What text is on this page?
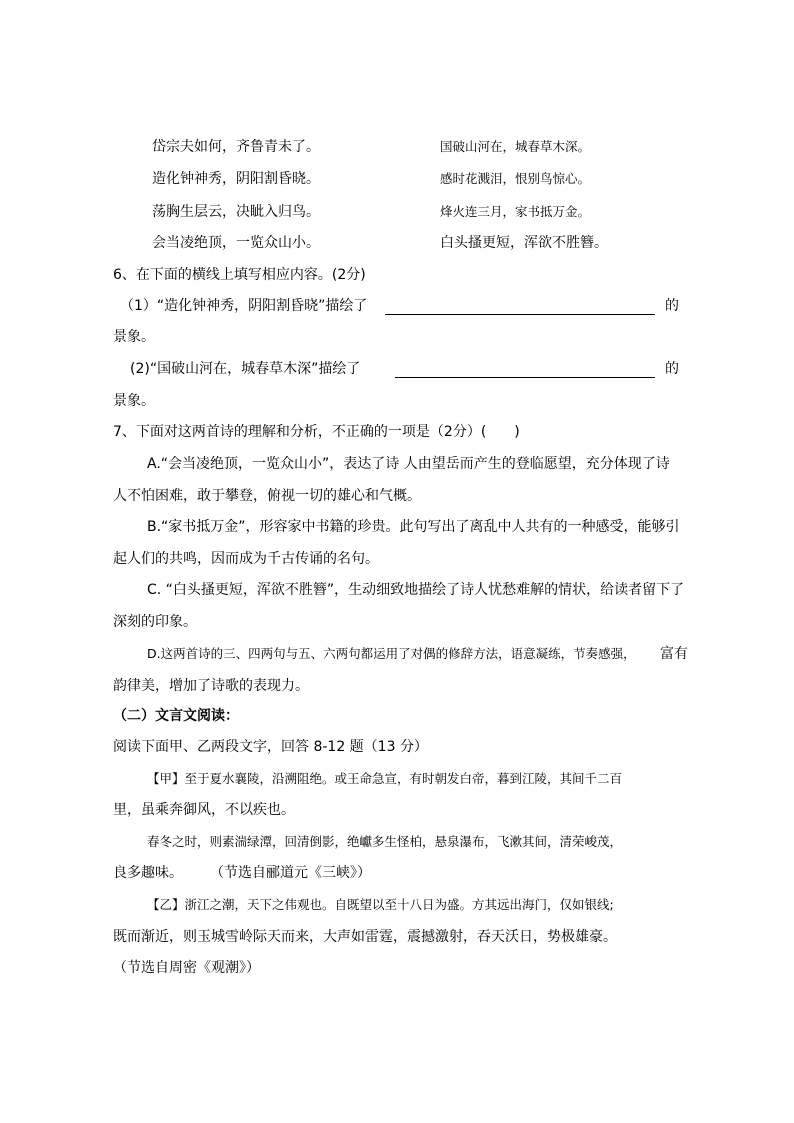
岱宗夫如何，齐鲁青未了。
造化钟神秀，阴阳割昏晓。
荡胸生层云，决眦入归鸟。
会当凌绝顶，一览众山小。
国破山河在，城春草木深。
感时花溅泪，恨别鸟惊心。
烽火连三月，家书抵万金。
白头搔更短，浑欲不胜簪。
6、在下面的横线上填写相应内容。(2分)
（1）“造化钟神秀，阴阳割昏晓”描绘了	的
景象。
(2)“国破山河在，城春草木深”描绘了	的
景象。
7、下面对这两首诗的理解和分析，不正确的一项是（2分）(　　)
A.“会当凌绝顶，一览众山小”，表达了诗 人由望岳而产生的登临愿望，充分体现了诗
人不怕困难，敢于攀登，俯视一切的雄心和气概。
B.“家书抵万金”，形容家中书籍的珍贵。此句写出了离乱中人共有的一种感受，能够引
起人们的共鸣，因而成为千古传诵的名句。
C. “白头搔更短，浑欲不胜簪”，生动细致地描绘了诗人忧愁难解的情状，给读者留下了
深刻的印象。
D.这两首诗的三、四两句与五、六两句都运用了对偶的修辞方法，语意凝练，节奏感强， 富有
韵律美，增加了诗歌的表现力。
（二）文言文阅读：
阅读下面甲、乙两段文字，回答 8-12 题（13 分）
【甲】至于夏水襄陵，沿溯阻绝。或王命急宣，有时朝发白帝，暮到江陵，其间千二百
里，虽乘奔御风，不以疾也。
春冬之时，则素湍绿潭，回清倒影，绝巘多生怪柏，悬泉瀑布，飞漱其间，清荣峻茂，
良多趣味。 （节选自郦道元《三峡》）
【乙】浙江之潮，天下之伟观也。自既望以至十八日为盛。方其远出海门，仅如银线;
既而渐近，则玉城雪岭际天而来，大声如雷霆，震撼激射，吞天沃日，势极雄豪。
（节选自周密《观潮》）
